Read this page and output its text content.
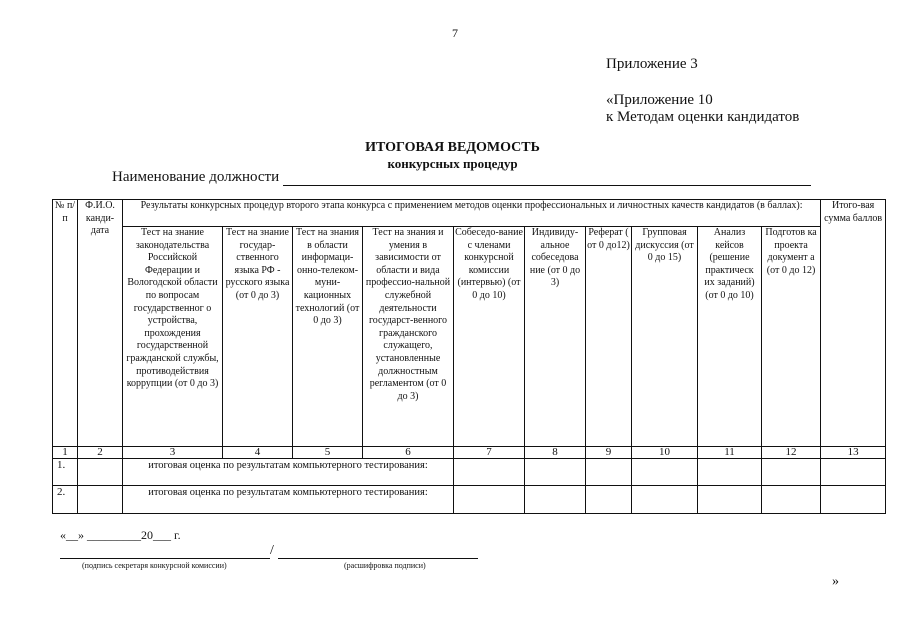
7
Приложение 3
«Приложение 10
к Методам оценки кандидатов
ИТОГОВАЯ ВЕДОМОСТЬ
конкурсных процедур
Наименование должности
№ п/п	Ф.И.О. канди-дата	Результаты конкурсных процедур второго этапа конкурса с применением методов оценки профессиональных и личностных качеств кандидатов (в баллах):										Итого-вая сумма баллов
		Тест на знание законодательства Российской Федерации и Вологодской области по вопросам государственног о устройства, прохождения государственной гражданской службы, противодействия коррупции (от 0 до 3)	Тест на знание государ-ственного языка РФ - русского языка (от 0 до 3)	Тест на знания в области информаци-онно-телеком-муни-кационных технологий (от 0 до 3)	Тест на знания и умения в зависимости от области и вида профессио-нальной служебной деятельности государст-венного гражданского служащего, установленные должностным регламентом (от 0 до 3)	Собеседо-вание с членами конкурсной комиссии (интервью) (от 0 до 10)	Индивиду-альное собеседова ние (от 0 до 3)	Реферат ( от 0 до12)	Групповая дискуссия (от 0 до 15)	Анализ кейсов (решение практическ их заданий) (от 0 до 10)	Подготов ка проекта документ а (от 0 до 12)	
1	2	3	4	5	6	7	8	9	10	11	12	13
1.		итоговая оценка по результатам компьютерного тестирования:										
2.		итоговая оценка по результатам компьютерного тестирования:										
«__» _________20___ г.
/
(подпись секретаря конкурсной комиссии)	(расшифровка подписи)
»
